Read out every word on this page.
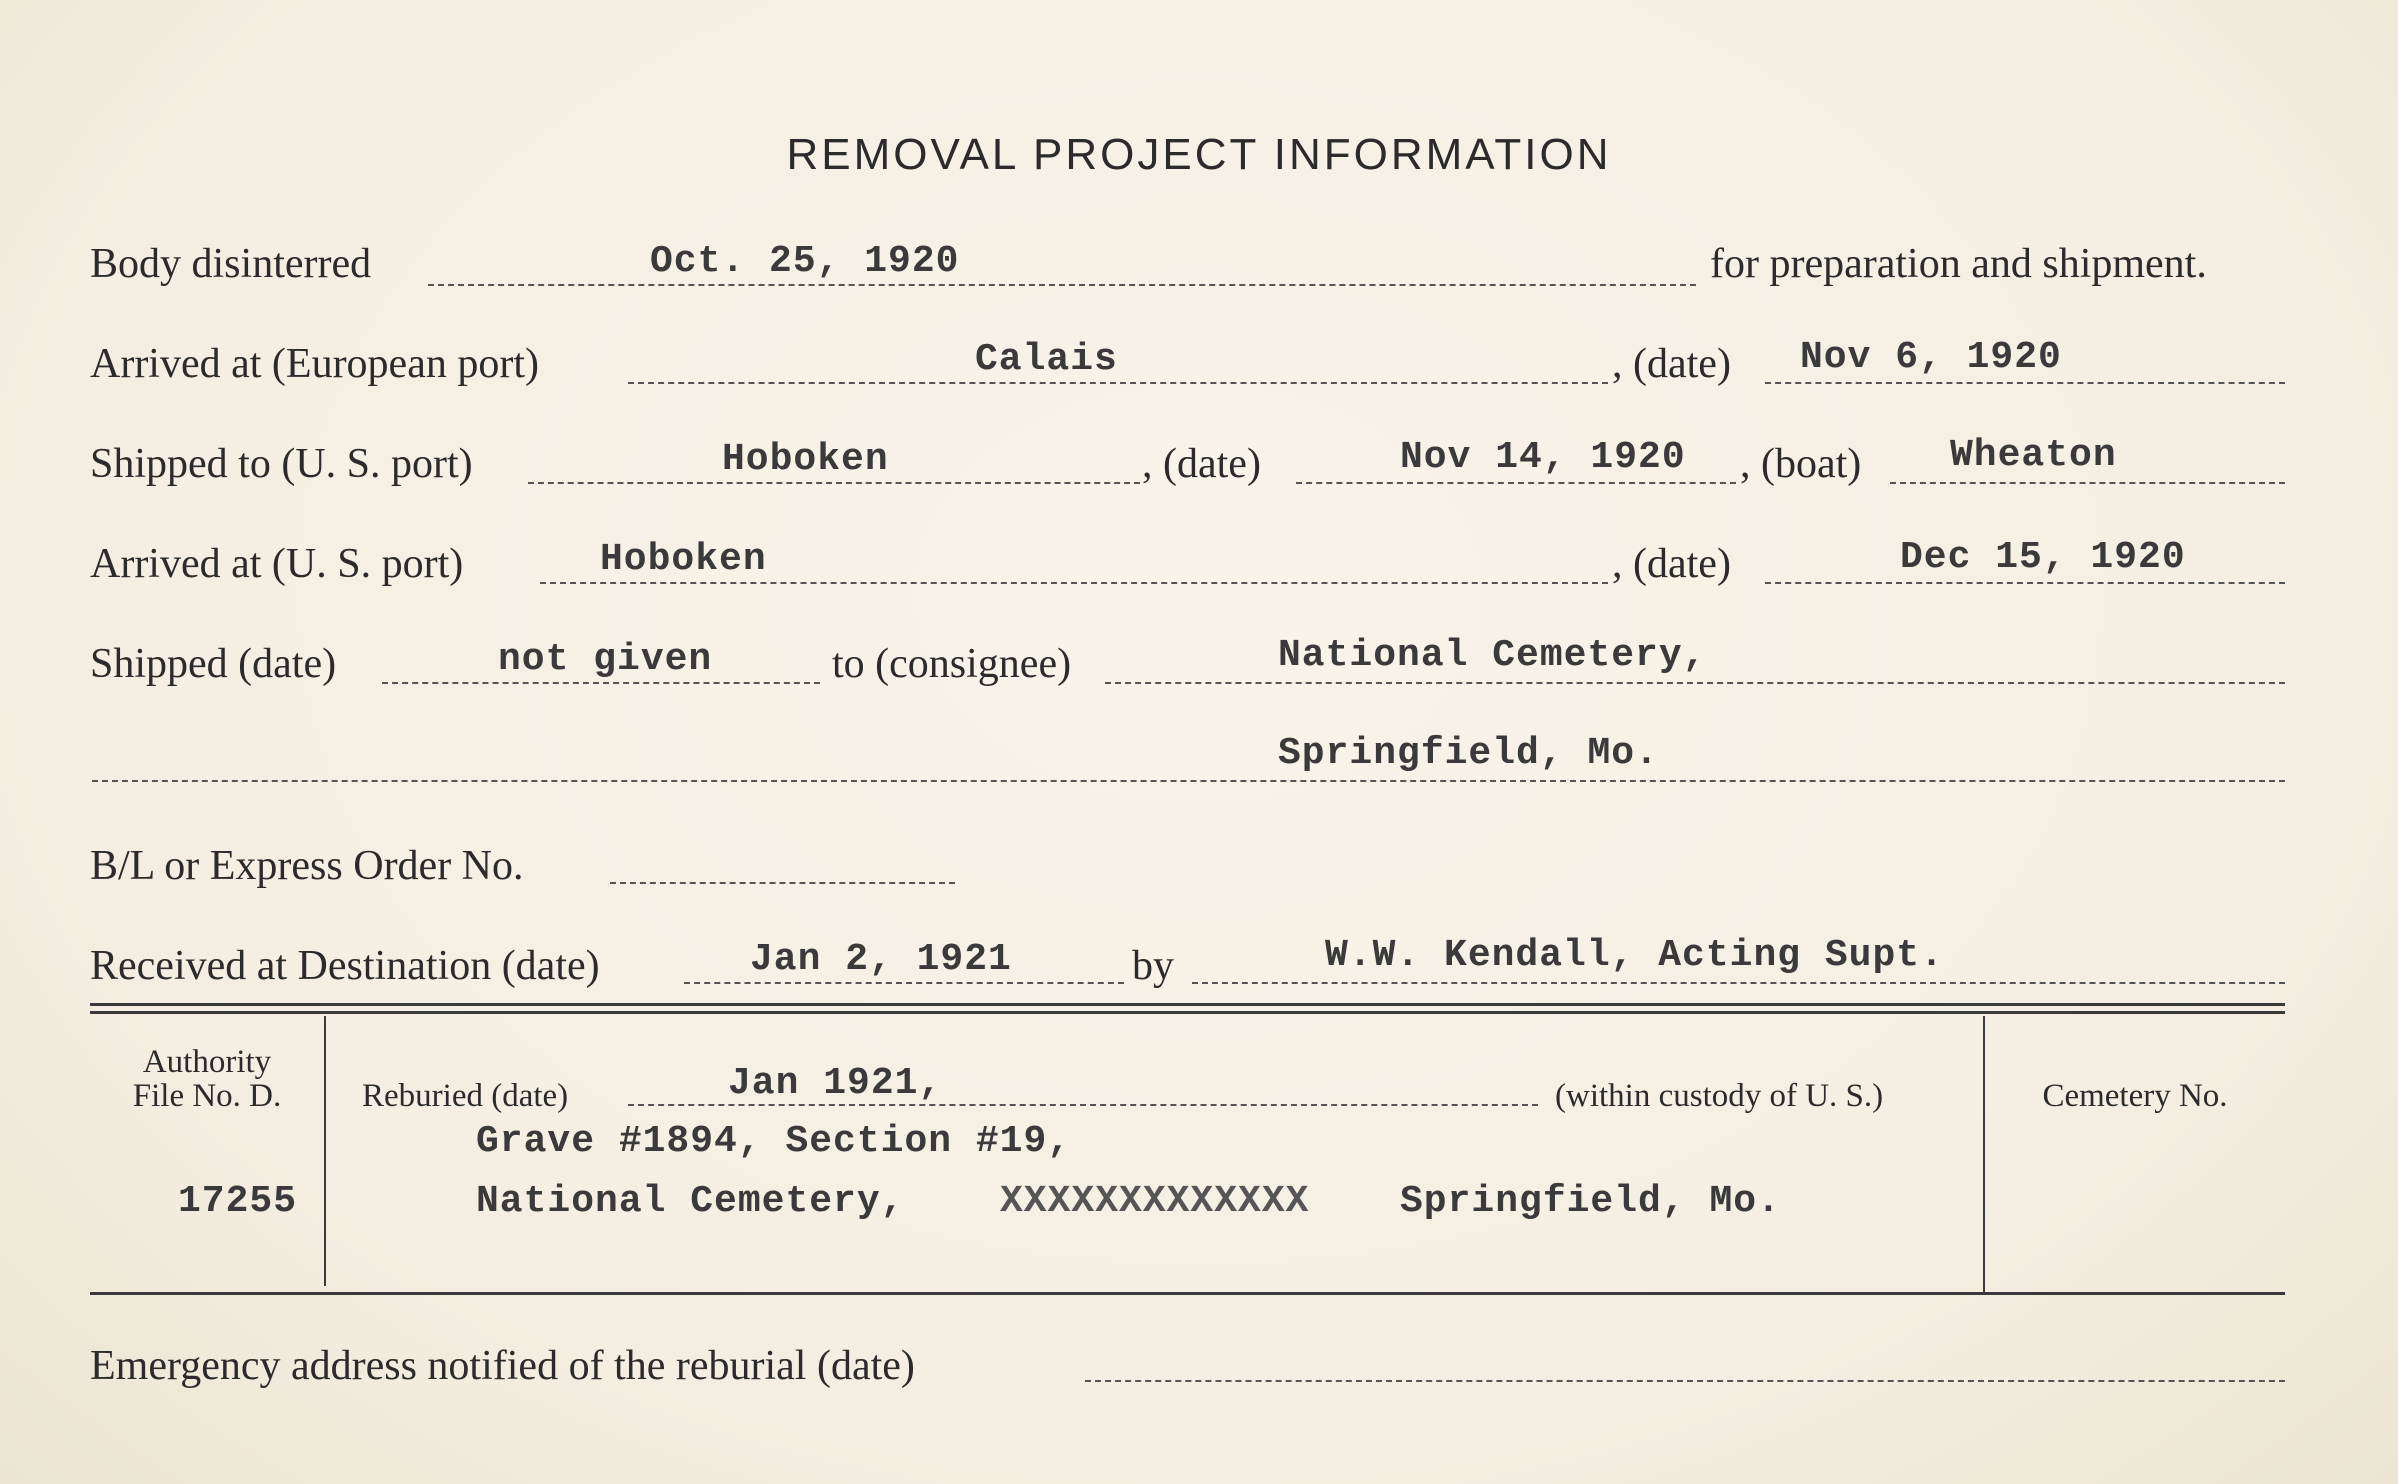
REMOVAL PROJECT INFORMATION
Body disinterred	Oct. 25, 1920	for preparation and shipment.
Arrived at (European port)	Calais	, (date) Nov 6, 1920
Shipped to (U. S. port)	Hoboken	, (date)	Nov 14, 1920 , (boat) Wheaton
Arrived at (U. S. port)	Hoboken	, (date)	Dec 15, 1920
Shipped (date)	not given	to (consignee)	National Cemetery,
Springfield, Mo.
B/L or Express Order No.
Received at Destination (date)	Jan 2, 1921	by	W.W. Kendall, Acting Supt.
Authority
File No. D.
17255
Reburied (date)	Jan 1921,	(within custody of U. S.)
Grave #1894, Section #19,
National Cemetery,	XXXXXXXXXXXXX Springfield, Mo.
Cemetery No.
Emergency address notified of the reburial (date)
